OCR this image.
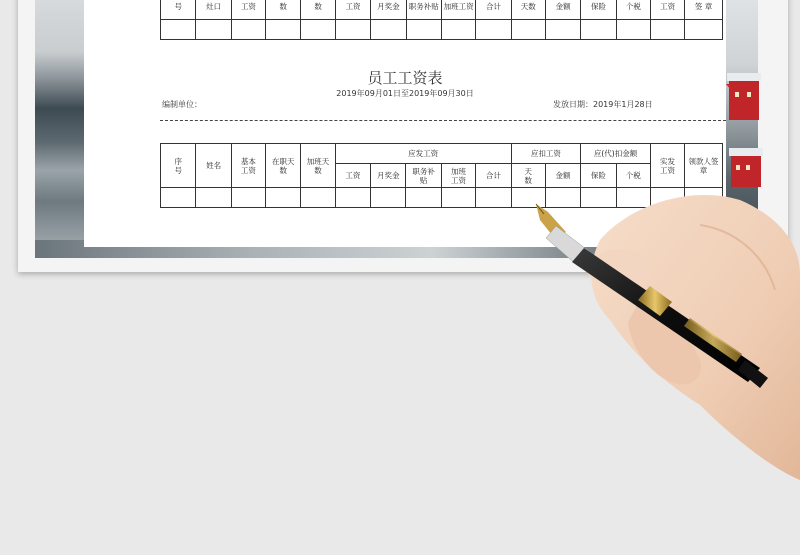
号	灶口	工资	数	数	工资	月奖金	职务补贴	加班工资	合计	天数	金额	保险	个税	工资	签 章

员工工资表
2019年09月01日至2019年09月30日
编制单位：	发放日期：2019年1月28日
序号	姓名	基本工资	在职天数	加班天数	应发工资					应扣工资		应(代)扣金额		实发工资	领款人签 章
					工资	月奖金	职务补贴	加班工资	合计	天数	金额	保险	个税		
